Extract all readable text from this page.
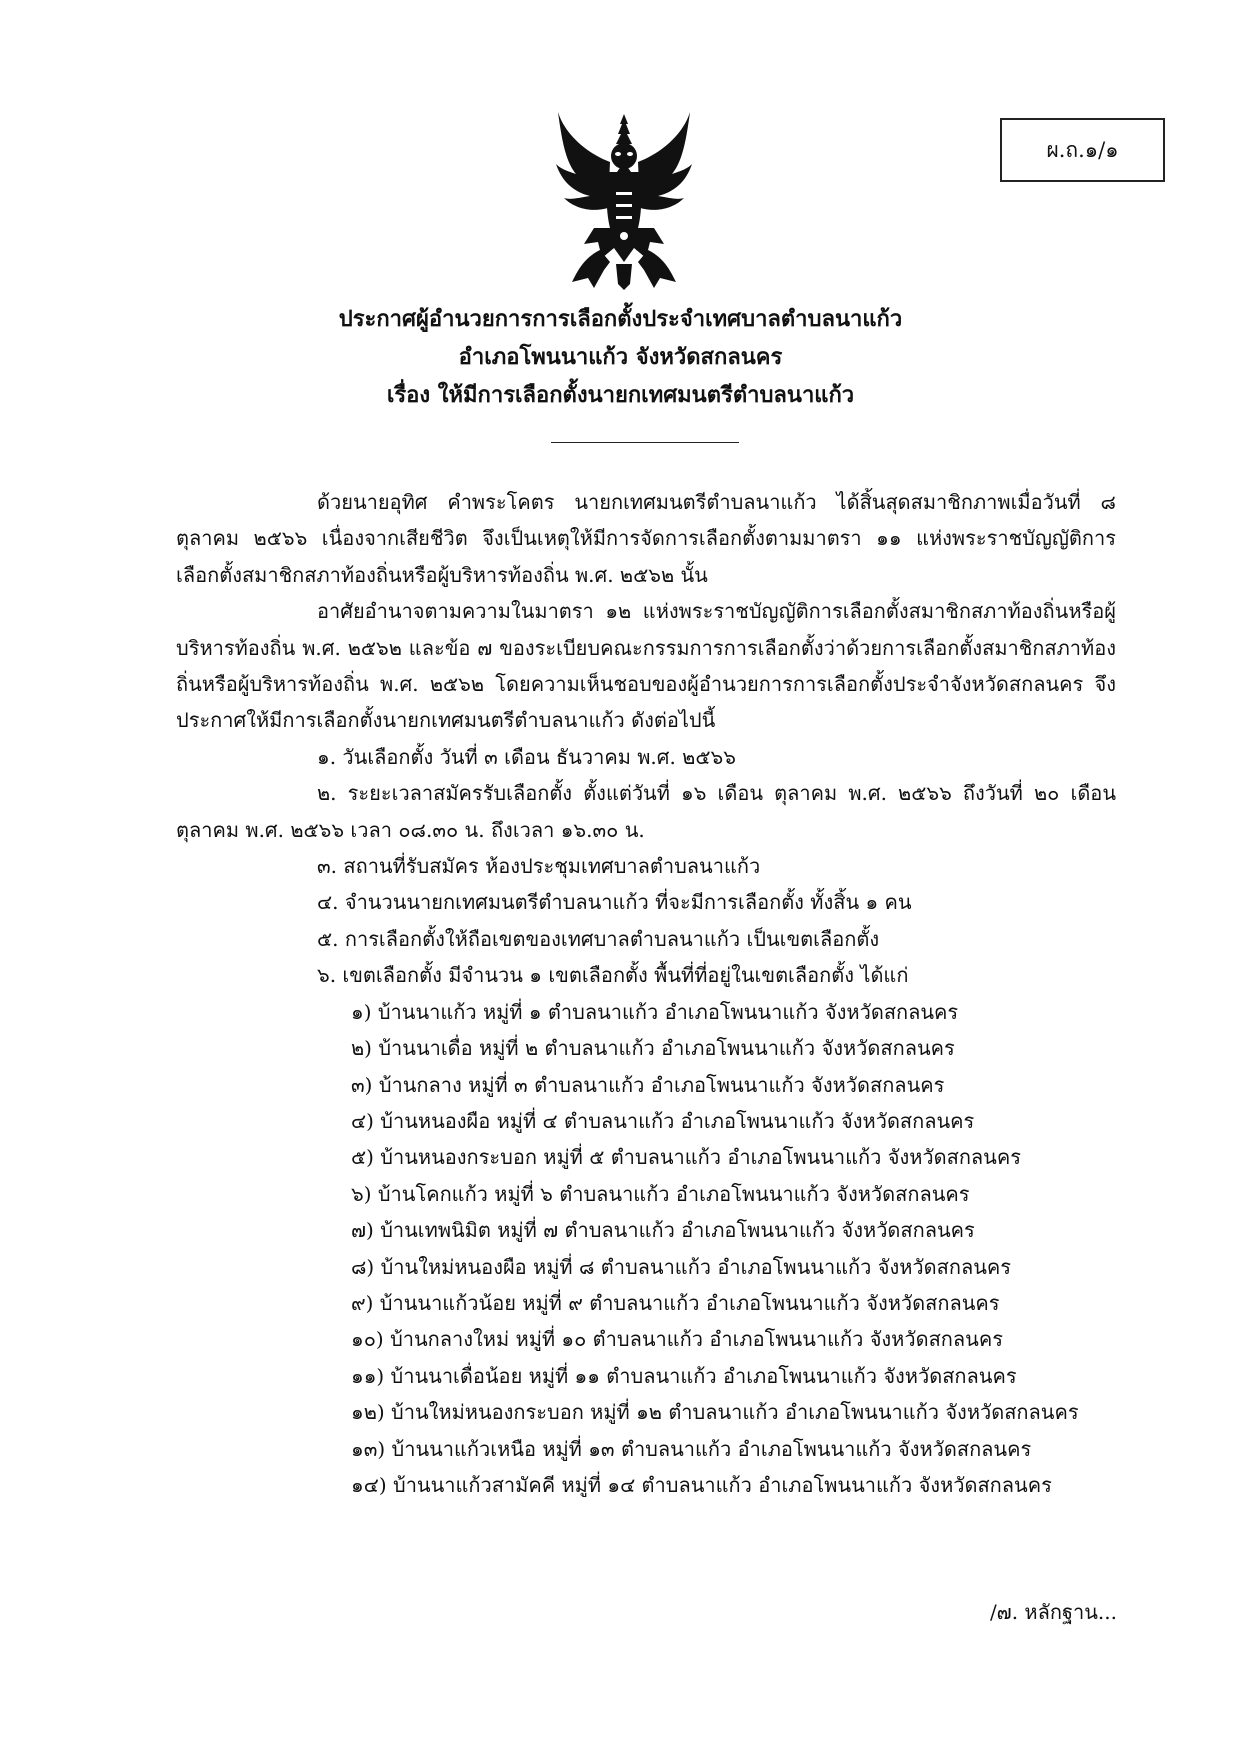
ผ.ถ.๑/๑
ประกาศผู้อำนวยการการเลือกตั้งประจำเทศบาลตำบลนาแก้ว
อำเภอโพนนาแก้ว จังหวัดสกลนคร
เรื่อง ให้มีการเลือกตั้งนายกเทศมนตรีตำบลนาแก้ว

ด้วยนายอุทิศ คำพระโคตร นายกเทศมนตรีตำบลนาแก้ว ได้สิ้นสุดสมาชิกภาพเมื่อวันที่ ๘ ตุลาคม ๒๕๖๖ เนื่องจากเสียชีวิต จึงเป็นเหตุให้มีการจัดการเลือกตั้งตามมาตรา ๑๑ แห่งพระราชบัญญัติการเลือกตั้งสมาชิกสภาท้องถิ่นหรือผู้บริหารท้องถิ่น พ.ศ. ๒๕๖๒ นั้น

อาศัยอำนาจตามความในมาตรา ๑๒ แห่งพระราชบัญญัติการเลือกตั้งสมาชิกสภาท้องถิ่นหรือผู้บริหารท้องถิ่น พ.ศ. ๒๕๖๒ และข้อ ๗ ของระเบียบคณะกรรมการการเลือกตั้งว่าด้วยการเลือกตั้งสมาชิกสภาท้องถิ่นหรือผู้บริหารท้องถิ่น พ.ศ. ๒๕๖๒ โดยความเห็นชอบของผู้อำนวยการการเลือกตั้งประจำจังหวัดสกลนคร จึงประกาศให้มีการเลือกตั้งนายกเทศมนตรีตำบลนาแก้ว ดังต่อไปนี้

๑. วันเลือกตั้ง วันที่ ๓ เดือน ธันวาคม พ.ศ. ๒๕๖๖

๒. ระยะเวลาสมัครรับเลือกตั้ง ตั้งแต่วันที่ ๑๖ เดือน ตุลาคม พ.ศ. ๒๕๖๖ ถึงวันที่ ๒๐ เดือน ตุลาคม พ.ศ. ๒๕๖๖ เวลา ๐๘.๓๐ น. ถึงเวลา ๑๖.๓๐ น.

๓. สถานที่รับสมัคร ห้องประชุมเทศบาลตำบลนาแก้ว

๔. จำนวนนายกเทศมนตรีตำบลนาแก้ว ที่จะมีการเลือกตั้ง ทั้งสิ้น ๑ คน

๕. การเลือกตั้งให้ถือเขตของเทศบาลตำบลนาแก้ว เป็นเขตเลือกตั้ง

๖. เขตเลือกตั้ง มีจำนวน ๑ เขตเลือกตั้ง พื้นที่ที่อยู่ในเขตเลือกตั้ง ได้แก่

๑) บ้านนาแก้ว หมู่ที่ ๑ ตำบลนาแก้ว อำเภอโพนนาแก้ว จังหวัดสกลนคร

๒) บ้านนาเดื่อ หมู่ที่ ๒ ตำบลนาแก้ว อำเภอโพนนาแก้ว จังหวัดสกลนคร

๓) บ้านกลาง หมู่ที่ ๓ ตำบลนาแก้ว อำเภอโพนนาแก้ว จังหวัดสกลนคร

๔) บ้านหนองผือ หมู่ที่ ๔ ตำบลนาแก้ว อำเภอโพนนาแก้ว จังหวัดสกลนคร

๕) บ้านหนองกระบอก หมู่ที่ ๕ ตำบลนาแก้ว อำเภอโพนนาแก้ว จังหวัดสกลนคร

๖) บ้านโคกแก้ว หมู่ที่ ๖ ตำบลนาแก้ว อำเภอโพนนาแก้ว จังหวัดสกลนคร

๗) บ้านเทพนิมิต หมู่ที่ ๗ ตำบลนาแก้ว อำเภอโพนนาแก้ว จังหวัดสกลนคร

๘) บ้านใหม่หนองผือ หมู่ที่ ๘ ตำบลนาแก้ว อำเภอโพนนาแก้ว จังหวัดสกลนคร

๙) บ้านนาแก้วน้อย หมู่ที่ ๙ ตำบลนาแก้ว อำเภอโพนนาแก้ว จังหวัดสกลนคร

๑๐) บ้านกลางใหม่ หมู่ที่ ๑๐ ตำบลนาแก้ว อำเภอโพนนาแก้ว จังหวัดสกลนคร

๑๑) บ้านนาเดื่อน้อย หมู่ที่ ๑๑ ตำบลนาแก้ว อำเภอโพนนาแก้ว จังหวัดสกลนคร

๑๒) บ้านใหม่หนองกระบอก หมู่ที่ ๑๒ ตำบลนาแก้ว อำเภอโพนนาแก้ว จังหวัดสกลนคร

๑๓) บ้านนาแก้วเหนือ หมู่ที่ ๑๓ ตำบลนาแก้ว อำเภอโพนนาแก้ว จังหวัดสกลนคร

๑๔) บ้านนาแก้วสามัคคี หมู่ที่ ๑๔ ตำบลนาแก้ว อำเภอโพนนาแก้ว จังหวัดสกลนคร

/๗. หลักฐาน...
